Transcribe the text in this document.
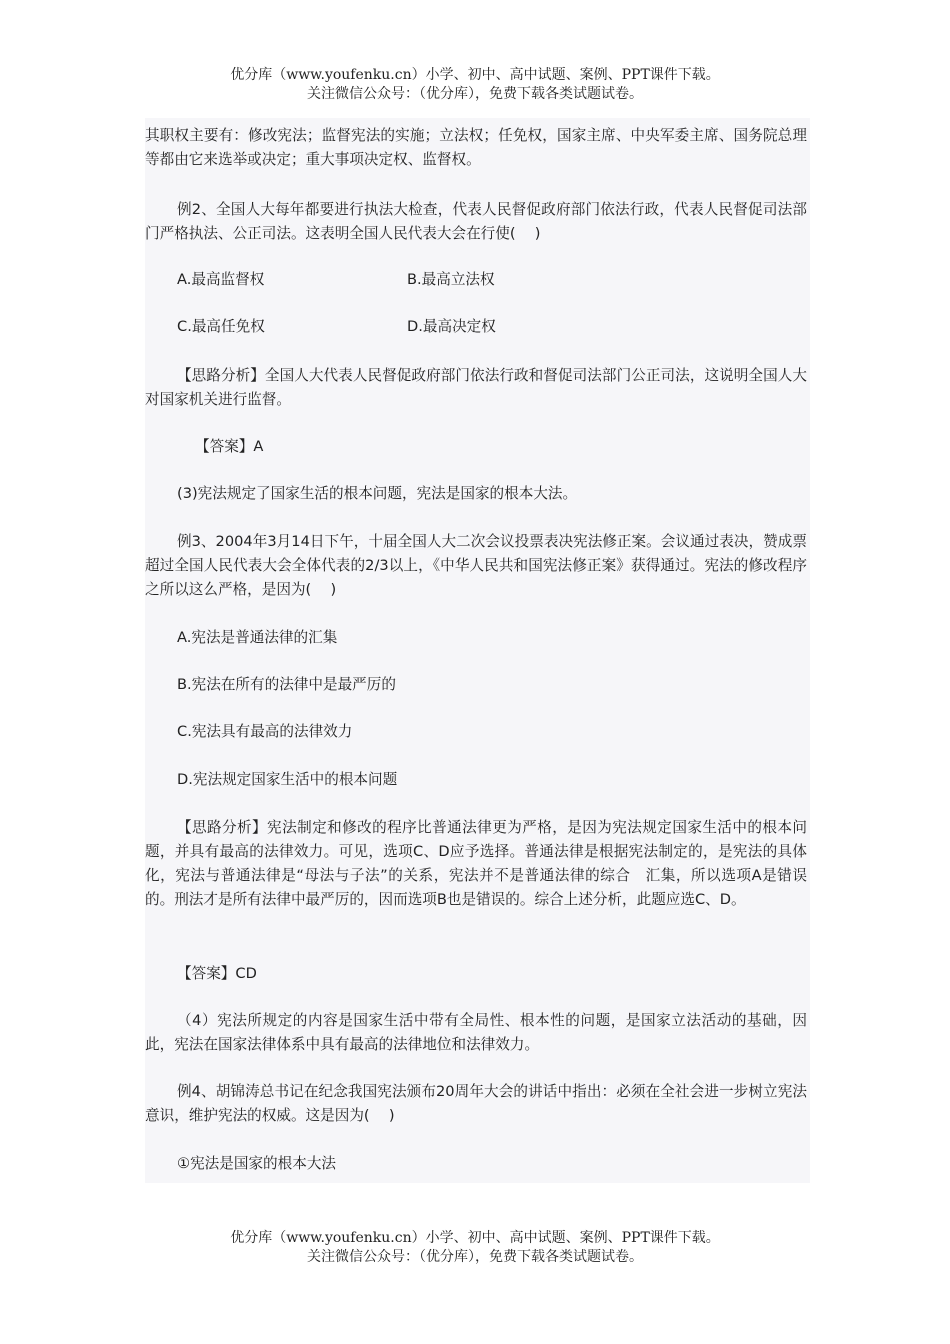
优分库（www.youfenku.cn）小学、初中、高中试题、案例、PPT课件下载。
关注微信公众号：（优分库），免费下载各类试题试卷。

其职权主要有：修改宪法；监督宪法的实施；立法权；任免权，国家主席、中央军委主席、国务院总理等都由它来选举或决定；重大事项决定权、监督权。

例2、全国人大每年都要进行执法大检查，代表人民督促政府部门依法行政，代表人民督促司法部门严格执法、公正司法。这表明全国人民代表大会在行使(　 )

A.最高监督权	B.最高立法权
C.最高任免权	D.最高决定权

【思路分析】全国人大代表人民督促政府部门依法行政和督促司法部门公正司法，这说明全国人大对国家机关进行监督。

【答案】A

(3)宪法规定了国家生活的根本问题，宪法是国家的根本大法。

例3、2004年3月14日下午，十届全国人大二次会议投票表决宪法修正案。会议通过表决，赞成票超过全国人民代表大会全体代表的2/3以上，《中华人民共和国宪法修正案》获得通过。宪法的修改程序之所以这么严格，是因为(　 )

A.宪法是普通法律的汇集

B.宪法在所有的法律中是最严厉的

C.宪法具有最高的法律效力

D.宪法规定国家生活中的根本问题

【思路分析】宪法制定和修改的程序比普通法律更为严格，是因为宪法规定国家生活中的根本问题，并具有最高的法律效力。可见，选项C、D应予选择。普通法律是根据宪法制定的，是宪法的具体化，宪法与普通法律是“母法与子法”的关系，宪法并不是普通法律的综合　汇集，所以选项A是错误的。刑法才是所有法律中最严厉的，因而选项B也是错误的。综合上述分析，此题应选C、D。

【答案】CD

（4）宪法所规定的内容是国家生活中带有全局性、根本性的问题，是国家立法活动的基础，因此，宪法在国家法律体系中具有最高的法律地位和法律效力。

例4、胡锦涛总书记在纪念我国宪法颁布20周年大会的讲话中指出：必须在全社会进一步树立宪法意识，维护宪法的权威。这是因为(　 )

①宪法是国家的根本大法

优分库（www.youfenku.cn）小学、初中、高中试题、案例、PPT课件下载。
关注微信公众号：（优分库），免费下载各类试题试卷。
